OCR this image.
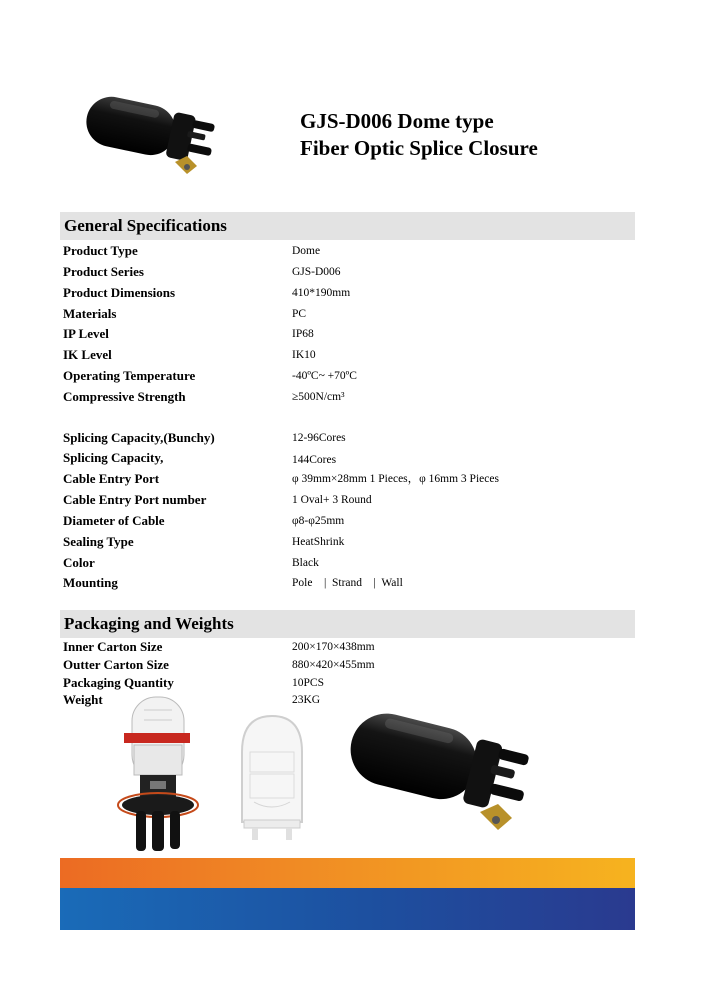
GJS-D006 Dome type
Fiber Optic Splice Closure
General Specifications
Product Type	Dome
Product Series	GJS-D006
Product Dimensions	410*190mm
Materials	PC
IP Level	IP68
IK Level	IK10
Operating Temperature	-40ºC~ +70ºC
Compressive Strength	≥500N/cm³
Splicing Capacity,(Bunchy)	12-96Cores
Splicing Capacity,	144Cores
Cable Entry Port	φ 39mm×28mm 1 Pieces，φ 16mm 3 Pieces
Cable Entry Port number	1 Oval+ 3 Round
Diameter of Cable	φ8-φ25mm
Sealing Type	HeatShrink
Color	Black
Mounting	Pole    |  Strand    |  Wall
Packaging and Weights
Inner Carton Size	200×170×438mm
Outter Carton Size	880×420×455mm
Packaging Quantity	10PCS
Weight	23KG
